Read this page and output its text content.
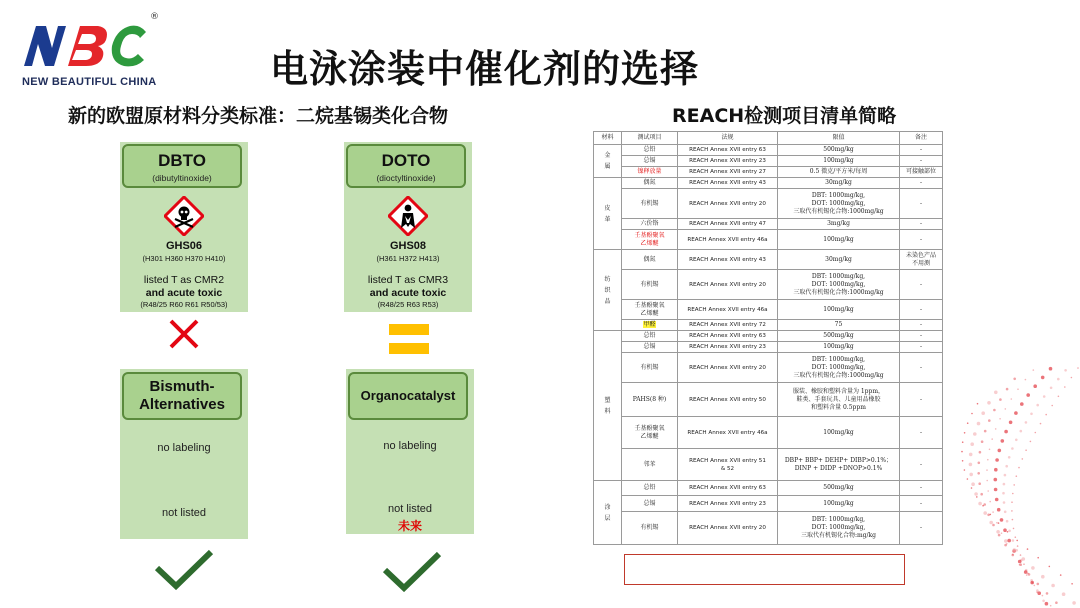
®
NEW BEAUTIFUL CHINA	电泳涂装中催化剂的选择
新的欧盟原材料分类标准：二烷基锡类化合物	REACH检测项目清单简略
DBTO
(dibutyltinoxide)
GHS06
(H301 H360 H370 H410)
listed T as CMR2
and acute toxic
(R48/25 R60 R61 R50/53)
DOTO
(dioctyltinoxide)
GHS08
(H361 H372 H413)
listed T as CMR3
and acute toxic
(R48/25 R63 R53)
Bismuth-
Alternatives
no labeling
not listed
Organocatalyst
no labeling
not listed
未来
材料	测试项目	法规	限值	备注
金
属	总铅	REACH Annex XVII entry 63	500mg/kg	-
	总镉	REACH Annex XVII entry 23	100mg/kg	-
	镍释放量	REACH Annex XVII entry 27	0.5 微克/平方米/每周	可接触部位
皮
革	偶氮	REACH Annex XVII entry 43	30mg/kg	-
	有机锡	REACH Annex XVII entry 20	DBT: 1000mg/kg,
DOT: 1000mg/kg,
三取代有机锡化合物:1000mg/kg	-
	六价铬	REACH Annex XVII entry 47	3mg/kg	-
	壬基酚聚氧
乙烯醚	REACH Annex XVII entry 46a	100mg/kg	-
纺
织
品	偶氮	REACH Annex XVII entry 43	30mg/kg	未染色产品
不用测
	有机锡	REACH Annex XVII entry 20	DBT: 1000mg/kg,
DOT: 1000mg/kg,
三取代有机锡化合物:1000mg/kg	-
	壬基酚聚氧
乙烯醚	REACH Annex XVII entry 46a	100mg/kg	-
	甲醛	REACH Annex XVII entry 72	75	-
塑
料	总铅	REACH Annex XVII entry 63	500mg/kg	-
	总镉	REACH Annex XVII entry 23	100mg/kg	-
	有机锡	REACH Annex XVII entry 20	DBT: 1000mg/kg,
DOT: 1000mg/kg,
三取代有机锡化合物:1000mg/kg	-
	PAHS(8 种)	REACH Annex XVII entry 50	服装、橡胶和塑料含量为 1ppm，
鞋类、手套玩具、儿童用品橡胶
和塑料含量 0.5ppm	-
	壬基酚聚氧
乙烯醚	REACH Annex XVII entry 46a	100mg/kg	-
	邻苯	REACH Annex XVII entry 51
& 52	DBP+ BBP+ DEHP+ DIBP>0.1%；
DINP + DIDP +DNOP>0.1%	-
涂
层	总铅	REACH Annex XVII entry 63	500mg/kg	-
	总镉	REACH Annex XVII entry 23	100mg/kg	-
	有机锡	REACH Annex XVII entry 20	DBT: 1000mg/kg,
DOT: 1000mg/kg,
三取代有机锡化合物:mg/kg	-
